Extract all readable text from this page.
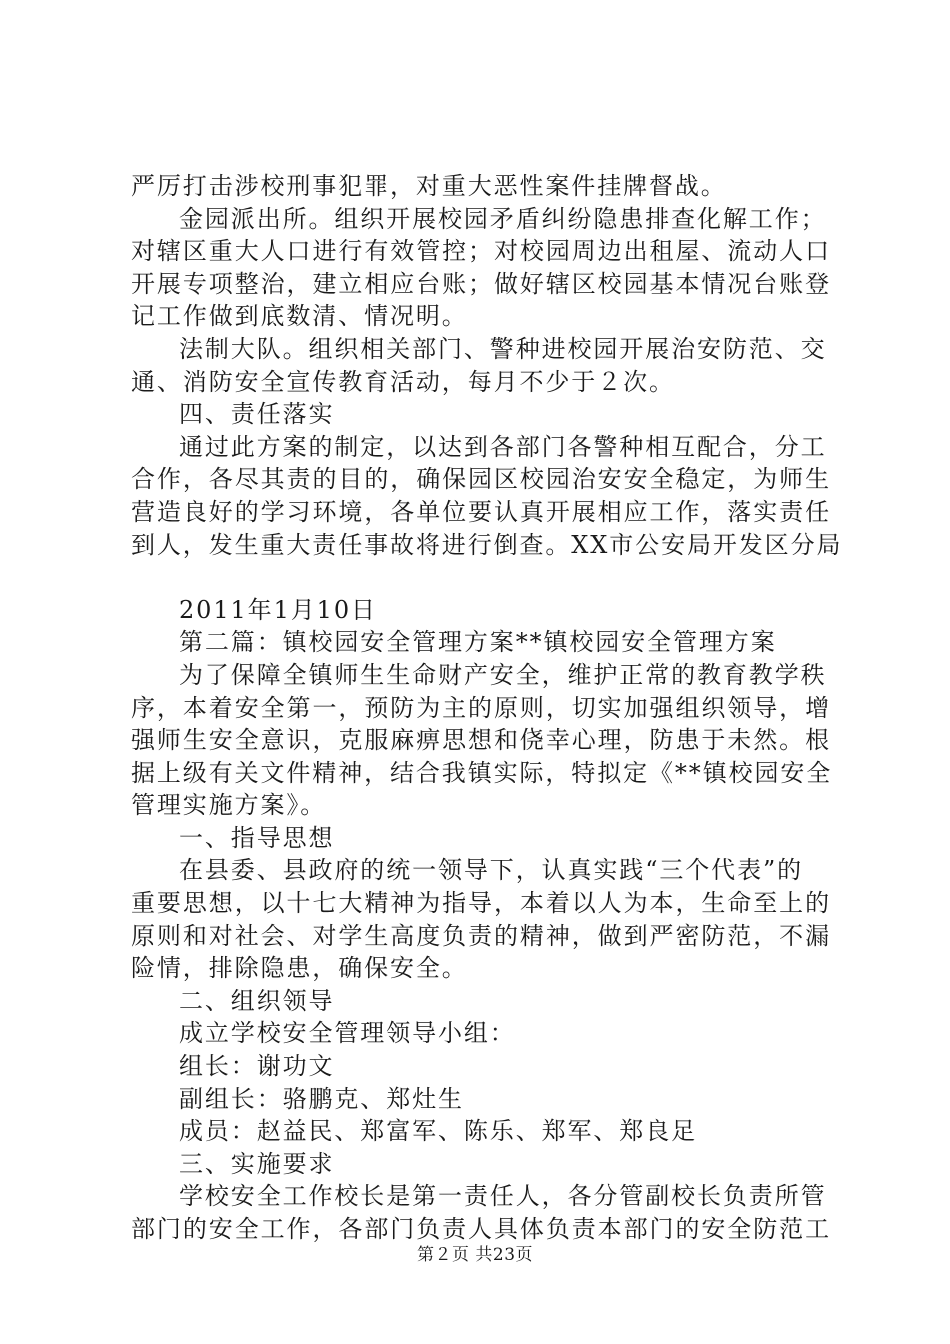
严厉打击涉校刑事犯罪，对重大恶性案件挂牌督战。
金园派出所。组织开展校园矛盾纠纷隐患排查化解工作；
对辖区重大人口进行有效管控；对校园周边出租屋、流动人口
开展专项整治，建立相应台账；做好辖区校园基本情况台账登
记工作做到底数清、情况明。
法制大队。组织相关部门、警种进校园开展治安防范、交
通、消防安全宣传教育活动，每月不少于２次。
四、责任落实
通过此方案的制定，以达到各部门各警种相互配合，分工
合作，各尽其责的目的，确保园区校园治安安全稳定，为师生
营造良好的学习环境，各单位要认真开展相应工作，落实责任
到人，发生重大责任事故将进行倒查。XX市公安局开发区分局
2011年1月10日
第二篇：镇校园安全管理方案**镇校园安全管理方案
为了保障全镇师生生命财产安全，维护正常的教育教学秩
序，本着安全第一，预防为主的原则，切实加强组织领导，增
强师生安全意识，克服麻痹思想和侥幸心理，防患于未然。根
据上级有关文件精神，结合我镇实际，特拟定《**镇校园安全
管理实施方案》。
一、指导思想
在县委、县政府的统一领导下，认真实践“三个代表”的
重要思想，以十七大精神为指导，本着以人为本，生命至上的
原则和对社会、对学生高度负责的精神，做到严密防范，不漏
险情，排除隐患，确保安全。
二、组织领导
成立学校安全管理领导小组：
组长：谢功文
副组长：骆鹏克、郑灶生
成员：赵益民、郑富军、陈乐、郑军、郑良足
三、实施要求
学校安全工作校长是第一责任人，各分管副校长负责所管
部门的安全工作，各部门负责人具体负责本部门的安全防范工
第２页 共23页
